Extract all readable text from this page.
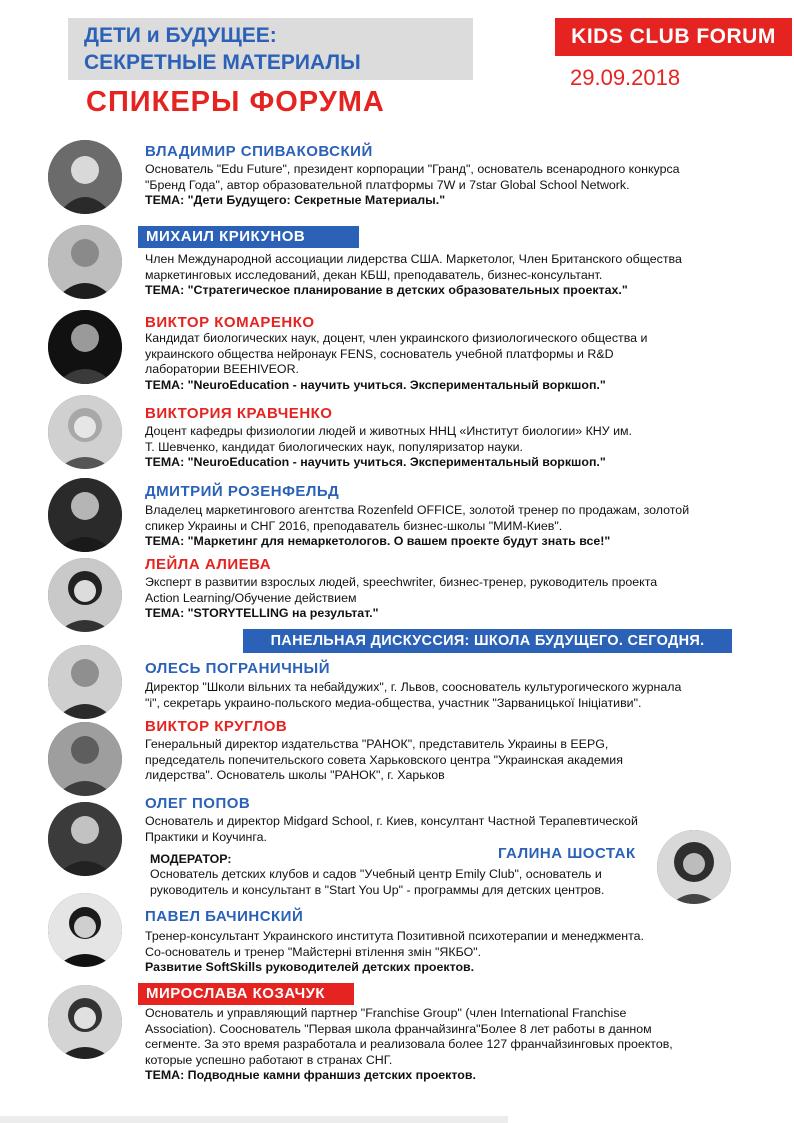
ДЕТИ и БУДУЩЕЕ:
СЕКРЕТНЫЕ МАТЕРИАЛЫ
СПИКЕРЫ ФОРУМА
KIDS CLUB FORUM
29.09.2018
ВЛАДИМИР СПИВАКОВСКИЙ
Основатель "Edu Future", президент корпорации "Гранд", основатель всенародного конкурса
"Бренд Года", автор образовательной платформы 7W и 7star Global School Network.
ТЕМА: "Дети Будущего: Секретные Материалы."
МИХАИЛ КРИКУНОВ
Член Международной ассоциации лидерства США. Маркетолог, Член Британского общества
маркетинговых исследований, декан КБШ, преподаватель, бизнес-консультант.
ТЕМА: "Стратегическое планирование в детских образовательных проектах."
ВИКТОР КОМАРЕНКО
Кандидат биологических наук, доцент, член украинского физиологического общества и
украинского общества нейронаук FENS, соснователь учебной платформы и R&D
лаборатории BEEHIVEOR.
ТЕМА: "NeuroEducation - научить учиться. Экспериментальный воркшоп."
ВИКТОРИЯ КРАВЧЕНКО
Доцент кафедры физиологии людей и животных ННЦ «Институт биологии» КНУ им.
Т. Шевченко, кандидат биологических наук, популяризатор науки.
ТЕМА: "NeuroEducation - научить учиться. Экспериментальный воркшоп."
ДМИТРИЙ РОЗЕНФЕЛЬД
Владелец маркетингового агентства Rozenfeld OFFICE, золотой тренер по продажам, золотой
спикер Украины и СНГ 2016, преподаватель бизнес-школы "МИМ-Киев".
ТЕМА: "Маркетинг для немаркетологов. О вашем проекте будут знать все!"
ЛЕЙЛА АЛИЕВА
Эксперт в развитии взрослых людей, speechwriter, бизнес-тренер, руководитель проекта
Action Learning/Обучение действием
ТЕМА: "STORYTELLING на результат."
ПАНЕЛЬНАЯ ДИСКУССИЯ: ШКОЛА БУДУЩЕГО. СЕГОДНЯ.
ОЛЕСЬ ПОГРАНИЧНЫЙ
Директор "Школи вільних та небайдужих", г. Львов, сооснователь культурогического журнала
"і", секретарь украино-польского медиа-общества, участник "Зарваницької Ініціативи".
ВИКТОР КРУГЛОВ
Генеральный директор издательства "РАНОК", представитель Украины в EEPG,
председатель попечительского совета Харьковского центра "Украинская академия
лидерства". Основатель школы "РАНОК", г. Харьков
ОЛЕГ ПОПОВ
Основатель и директор Midgard School, г. Киев, консултант Частной Терапевтической
Практики и Коучинга.
МОДЕРАТОР:	ГАЛИНА ШОСТАК
Основатель детских клубов и садов "Учебный центр Emily Club", основатель и
руководитель и консультант в "Start You Up" - программы для детских центров.
ПАВЕЛ БАЧИНСКИЙ
Тренер-консультант Украинского института Позитивной психотерапии и менеджмента.
Со-основатель и тренер "Майстерні втілення змін "ЯКБО".
Развитие SoftSkills руководителей детских проектов.
МИРОСЛАВА КОЗАЧУК
Основатель и управляющий партнер "Franchise Group" (член International Franchise
Association). Сооснователь "Первая школа франчайзинга"Более 8 лет работы в данном
сегменте. За это время разработала и реализовала более 127 франчайзинговых проектов,
которые успешно работают в странах СНГ.
ТЕМА: Подводные камни франшиз детских проектов.
